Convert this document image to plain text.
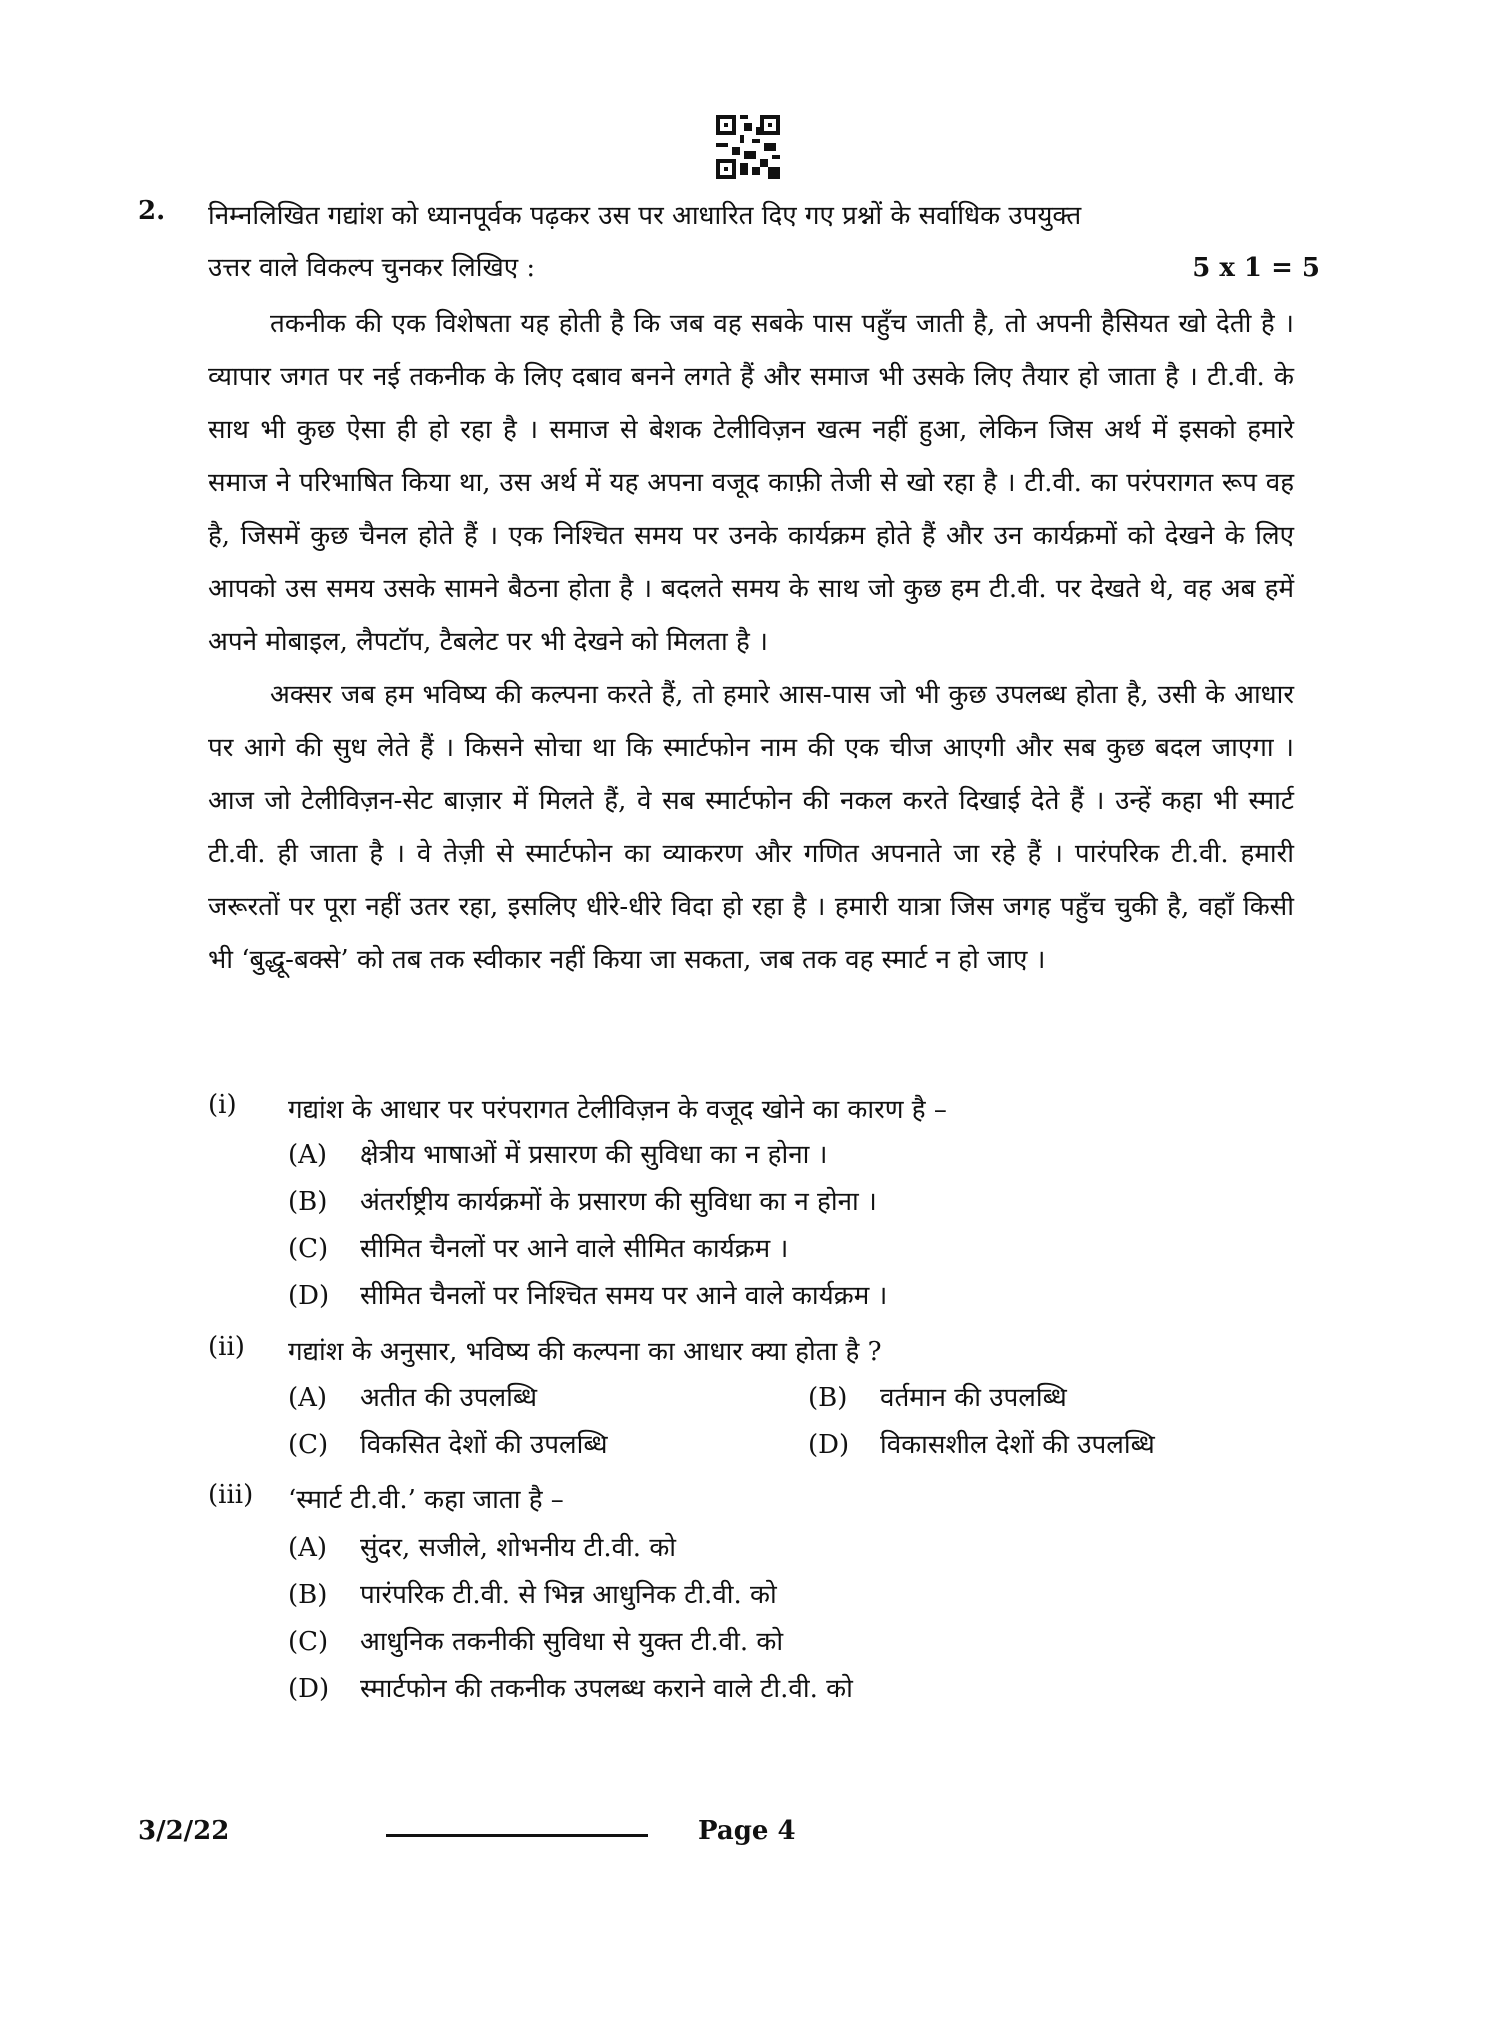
2. निम्नलिखित गद्यांश को ध्यानपूर्वक पढ़कर उस पर आधारित दिए गए प्रश्नों के सर्वाधिक उपयुक्त
उत्तर वाले विकल्प चुनकर लिखिए :	5 x 1 = 5

तकनीक की एक विशेषता यह होती है कि जब वह सबके पास पहुँच जाती है, तो अपनी हैसियत खो देती है । व्यापार जगत पर नई तकनीक के लिए दबाव बनने लगते हैं और समाज भी उसके लिए तैयार हो जाता है । टी.वी. के साथ भी कुछ ऐसा ही हो रहा है । समाज से बेशक टेलीविज़न खत्म नहीं हुआ, लेकिन जिस अर्थ में इसको हमारे समाज ने परिभाषित किया था, उस अर्थ में यह अपना वजूद काफ़ी तेजी से खो रहा है । टी.वी. का परंपरागत रूप वह है, जिसमें कुछ चैनल होते हैं । एक निश्चित समय पर उनके कार्यक्रम होते हैं और उन कार्यक्रमों को देखने के लिए आपको उस समय उसके सामने बैठना होता है । बदलते समय के साथ जो कुछ हम टी.वी. पर देखते थे, वह अब हमें अपने मोबाइल, लैपटॉप, टैबलेट पर भी देखने को मिलता है ।

अक्सर जब हम भविष्य की कल्पना करते हैं, तो हमारे आस-पास जो भी कुछ उपलब्ध होता है, उसी के आधार पर आगे की सुध लेते हैं । किसने सोचा था कि स्मार्टफोन नाम की एक चीज आएगी और सब कुछ बदल जाएगा । आज जो टेलीविज़न-सेट बाज़ार में मिलते हैं, वे सब स्मार्टफोन की नकल करते दिखाई देते हैं । उन्हें कहा भी स्मार्ट टी.वी. ही जाता है । वे तेज़ी से स्मार्टफोन का व्याकरण और गणित अपनाते जा रहे हैं । पारंपरिक टी.वी. हमारी जरूरतों पर पूरा नहीं उतर रहा, इसलिए धीरे-धीरे विदा हो रहा है । हमारी यात्रा जिस जगह पहुँच चुकी है, वहाँ किसी भी ‘बुद्धू-बक्से’ को तब तक स्वीकार नहीं किया जा सकता, जब तक वह स्मार्ट न हो जाए ।

(i) गद्यांश के आधार पर परंपरागत टेलीविज़न के वजूद खोने का कारण है –
(A) क्षेत्रीय भाषाओं में प्रसारण की सुविधा का न होना ।
(B) अंतर्राष्ट्रीय कार्यक्रमों के प्रसारण की सुविधा का न होना ।
(C) सीमित चैनलों पर आने वाले सीमित कार्यक्रम ।
(D) सीमित चैनलों पर निश्चित समय पर आने वाले कार्यक्रम ।
(ii) गद्यांश के अनुसार, भविष्य की कल्पना का आधार क्या होता है ?
(A) अतीत की उपलब्धि	(B) वर्तमान की उपलब्धि
(C) विकसित देशों की उपलब्धि	(D) विकासशील देशों की उपलब्धि
(iii) ‘स्मार्ट टी.वी.’ कहा जाता है –
(A) सुंदर, सजीले, शोभनीय टी.वी. को
(B) पारंपरिक टी.वी. से भिन्न आधुनिक टी.वी. को
(C) आधुनिक तकनीकी सुविधा से युक्त टी.वी. को
(D) स्मार्टफोन की तकनीक उपलब्ध कराने वाले टी.वी. को
3/2/22	Page 4
